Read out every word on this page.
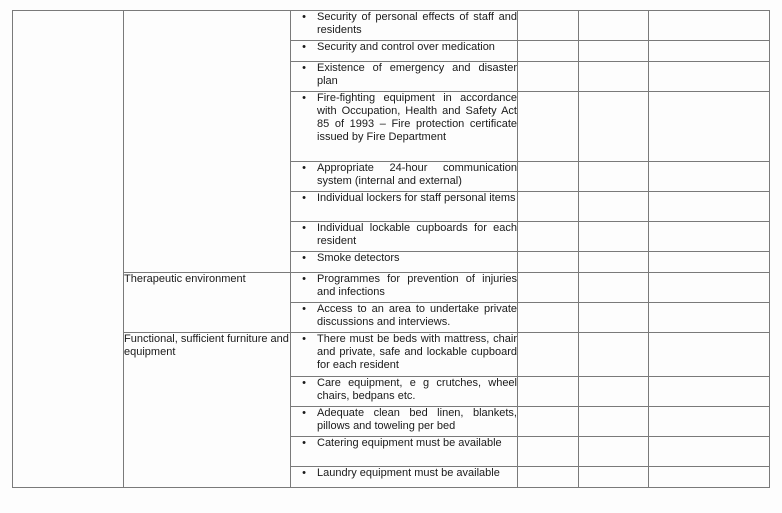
		• Security of personal effects of staff and residents			

		• Security and control over medication			

		• Existence of emergency and disaster plan			

		• Fire-fighting equipment in accordance with Occupation, Health and Safety Act 85 of 1993 – Fire protection certificate issued by Fire Department			

		• Appropriate 24-hour communication system (internal and external)			

		• Individual lockers for staff personal items			

		• Individual lockable cupboards for each resident			

		• Smoke detectors			

	Therapeutic environment	• Programmes for prevention of injuries and infections			

		• Access to an area to undertake private discussions and interviews.			

	Functional, sufficient furniture and equipment	• There must be beds with mattress, chair and private, safe and lockable cupboard for each resident			

		• Care equipment, e g crutches, wheel chairs, bedpans etc.			

		• Adequate clean bed linen, blankets, pillows and toweling per bed			

		• Catering equipment must be available			

		• Laundry equipment must be available			
